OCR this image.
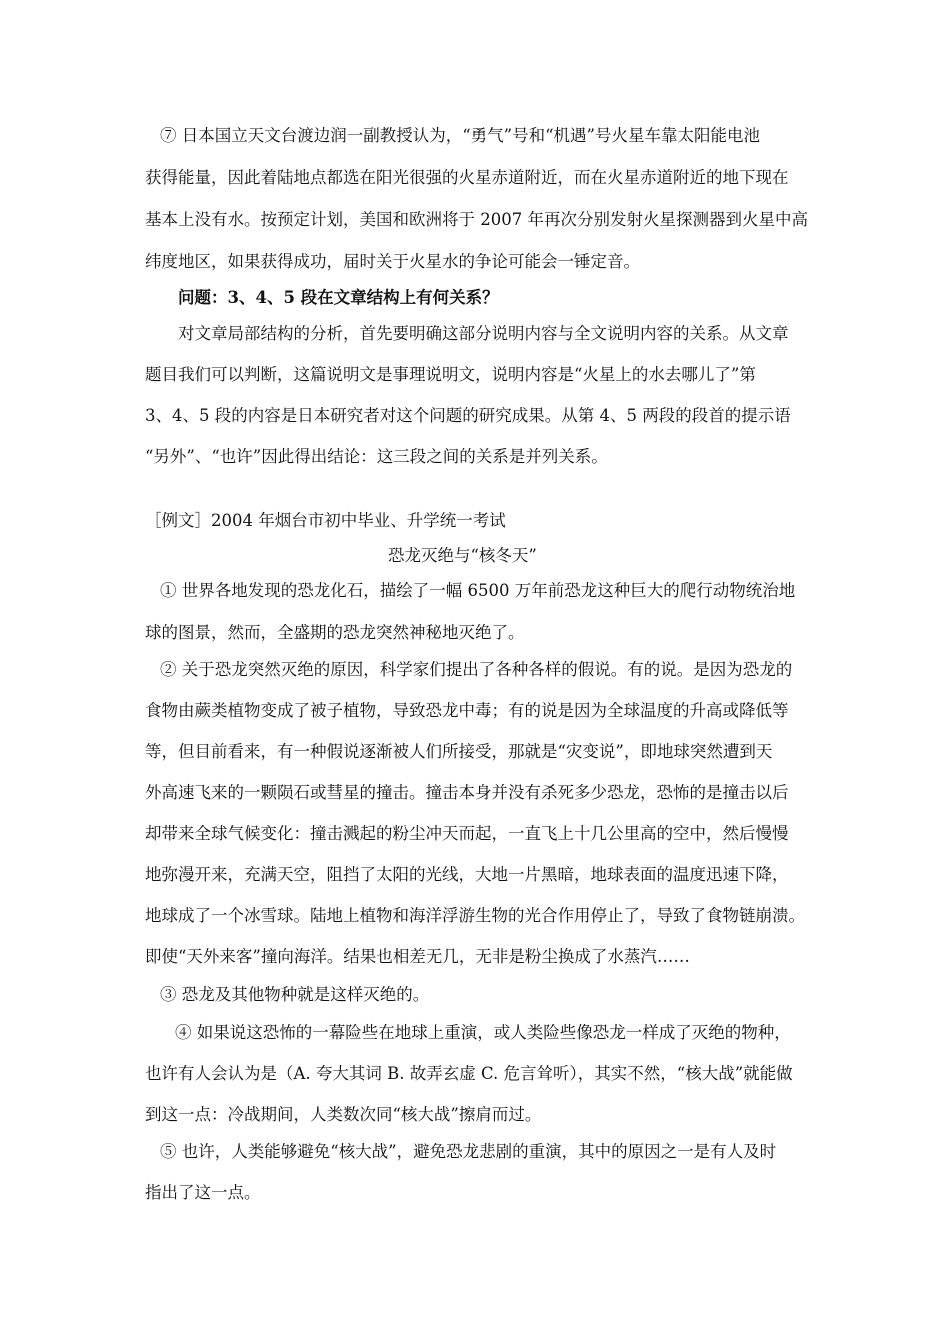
⑦ 日本国立天文台渡边润一副教授认为，“勇气”号和“机遇”号火星车靠太阳能电池
获得能量，因此着陆地点都选在阳光很强的火星赤道附近，而在火星赤道附近的地下现在
基本上没有水。按预定计划，美国和欧洲将于 2007 年再次分别发射火星探测器到火星中高
纬度地区，如果获得成功，届时关于火星水的争论可能会一锤定音。
问题：3、4、5 段在文章结构上有何关系？
对文章局部结构的分析，首先要明确这部分说明内容与全文说明内容的关系。从文章
题目我们可以判断，这篇说明文是事理说明文，说明内容是“火星上的水去哪儿了”第
3、4、5 段的内容是日本研究者对这个问题的研究成果。从第 4、5 两段的段首的提示语
“另外”、“也许”因此得出结论：这三段之间的关系是并列关系。
［例文］2004 年烟台市初中毕业、升学统一考试
恐龙灭绝与“核冬天”
① 世界各地发现的恐龙化石，描绘了一幅 6500 万年前恐龙这种巨大的爬行动物统治地
球的图景，然而，全盛期的恐龙突然神秘地灭绝了。
② 关于恐龙突然灭绝的原因，科学家们提出了各种各样的假说。有的说。是因为恐龙的
食物由蕨类植物变成了被子植物，导致恐龙中毒；有的说是因为全球温度的升高或降低等
等，但目前看来，有一种假说逐渐被人们所接受，那就是“灾变说”，即地球突然遭到天
外高速飞来的一颗陨石或彗星的撞击。撞击本身并没有杀死多少恐龙，恐怖的是撞击以后
却带来全球气候变化：撞击溅起的粉尘冲天而起，一直飞上十几公里高的空中，然后慢慢
地弥漫开来，充满天空，阻挡了太阳的光线，大地一片黑暗，地球表面的温度迅速下降，
地球成了一个冰雪球。陆地上植物和海洋浮游生物的光合作用停止了，导致了食物链崩溃。
即使“天外来客”撞向海洋。结果也相差无几，无非是粉尘换成了水蒸汽……
③ 恐龙及其他物种就是这样灭绝的。
④ 如果说这恐怖的一幕险些在地球上重演，或人类险些像恐龙一样成了灭绝的物种，
也许有人会认为是（A. 夸大其词 B. 故弄玄虚 C. 危言耸听），其实不然，“核大战”就能做
到这一点：冷战期间，人类数次同“核大战”擦肩而过。
⑤ 也许，人类能够避免“核大战”，避免恐龙悲剧的重演，其中的原因之一是有人及时
指出了这一点。
